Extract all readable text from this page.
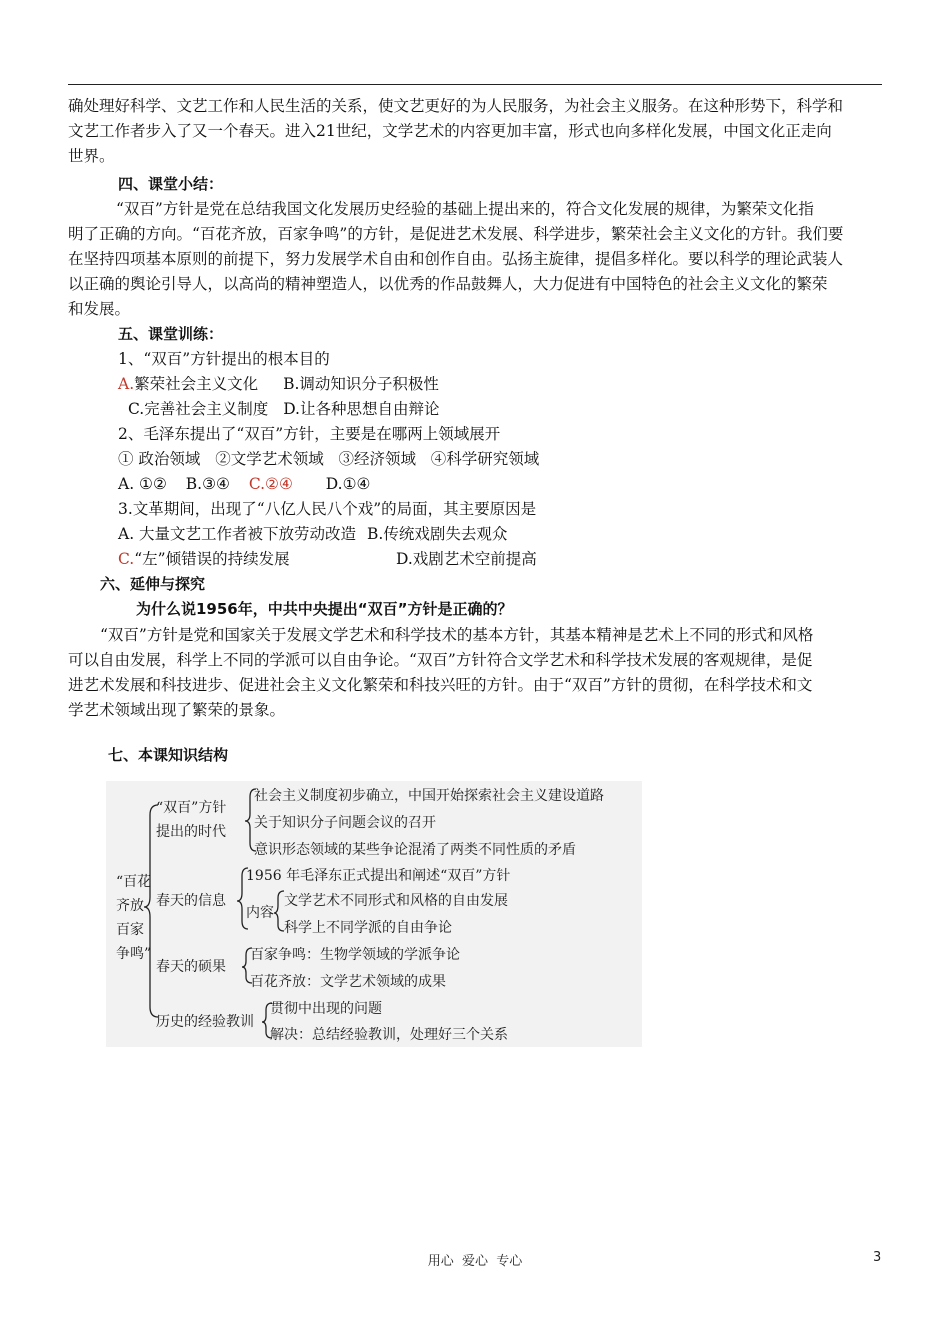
确处理好科学、文艺工作和人民生活的关系，使文艺更好的为人民服务，为社会主义服务。在这种形势下，科学和
文艺工作者步入了又一个春天。进入21世纪，文学艺术的内容更加丰富，形式也向多样化发展，中国文化正走向
世界。
四、课堂小结：
“双百”方针是党在总结我国文化发展历史经验的基础上提出来的，符合文化发展的规律，为繁荣文化指
明了正确的方向。“百花齐放，百家争鸣”的方针，是促进艺术发展、科学进步，繁荣社会主义文化的方针。我们要
在坚持四项基本原则的前提下，努力发展学术自由和创作自由。弘扬主旋律，提倡多样化。要以科学的理论武装人
以正确的舆论引导人，以高尚的精神塑造人，以优秀的作品鼓舞人，大力促进有中国特色的社会主义文化的繁荣
和发展。
五、课堂训练：
1、“双百”方针提出的根本目的
A.繁荣社会主义文化 B.调动知识分子积极性
C.完善社会主义制度 D.让各种思想自由辩论
2、毛泽东提出了“双百”方针，主要是在哪两上领域展开
① 政治领域   ②文学艺术领域   ③经济领域   ④科学研究领域
A. ①② B.③④ C.②④ D.①④
3.文革期间，出现了“八亿人民八个戏”的局面，其主要原因是
A. 大量文艺工作者被下放劳动改造 B.传统戏剧失去观众
C.“左”倾错误的持续发展	D.戏剧艺术空前提高
六、延伸与探究
为什么说1956年，中共中央提出“双百”方针是正确的？
“双百”方针是党和国家关于发展文学艺术和科学技术的基本方针，其基本精神是艺术上不同的形式和风格
可以自由发展，科学上不同的学派可以自由争论。“双百”方针符合文学艺术和科学技术发展的客观规律，是促
进艺术发展和科技进步、促进社会主义文化繁荣和科技兴旺的方针。由于“双百”方针的贯彻，在科学技术和文
学艺术领域出现了繁荣的景象。
七、本课知识结构
“百花
齐放
百家
争鸣”
“双百”方针
提出的时代
社会主义制度初步确立，中国开始探索社会主义建设道路
关于知识分子问题会议的召开
意识形态领域的某些争论混淆了两类不同性质的矛盾
春天的信息
1956 年毛泽东正式提出和阐述“双百”方针
内容
文学艺术不同形式和风格的自由发展
科学上不同学派的自由争论
春天的硕果
百家争鸣：生物学领域的学派争论
百花齐放：文学艺术领域的成果
历史的经验教训
贯彻中出现的问题
解决：总结经验教训，处理好三个关系
用心  爱心  专心	3
